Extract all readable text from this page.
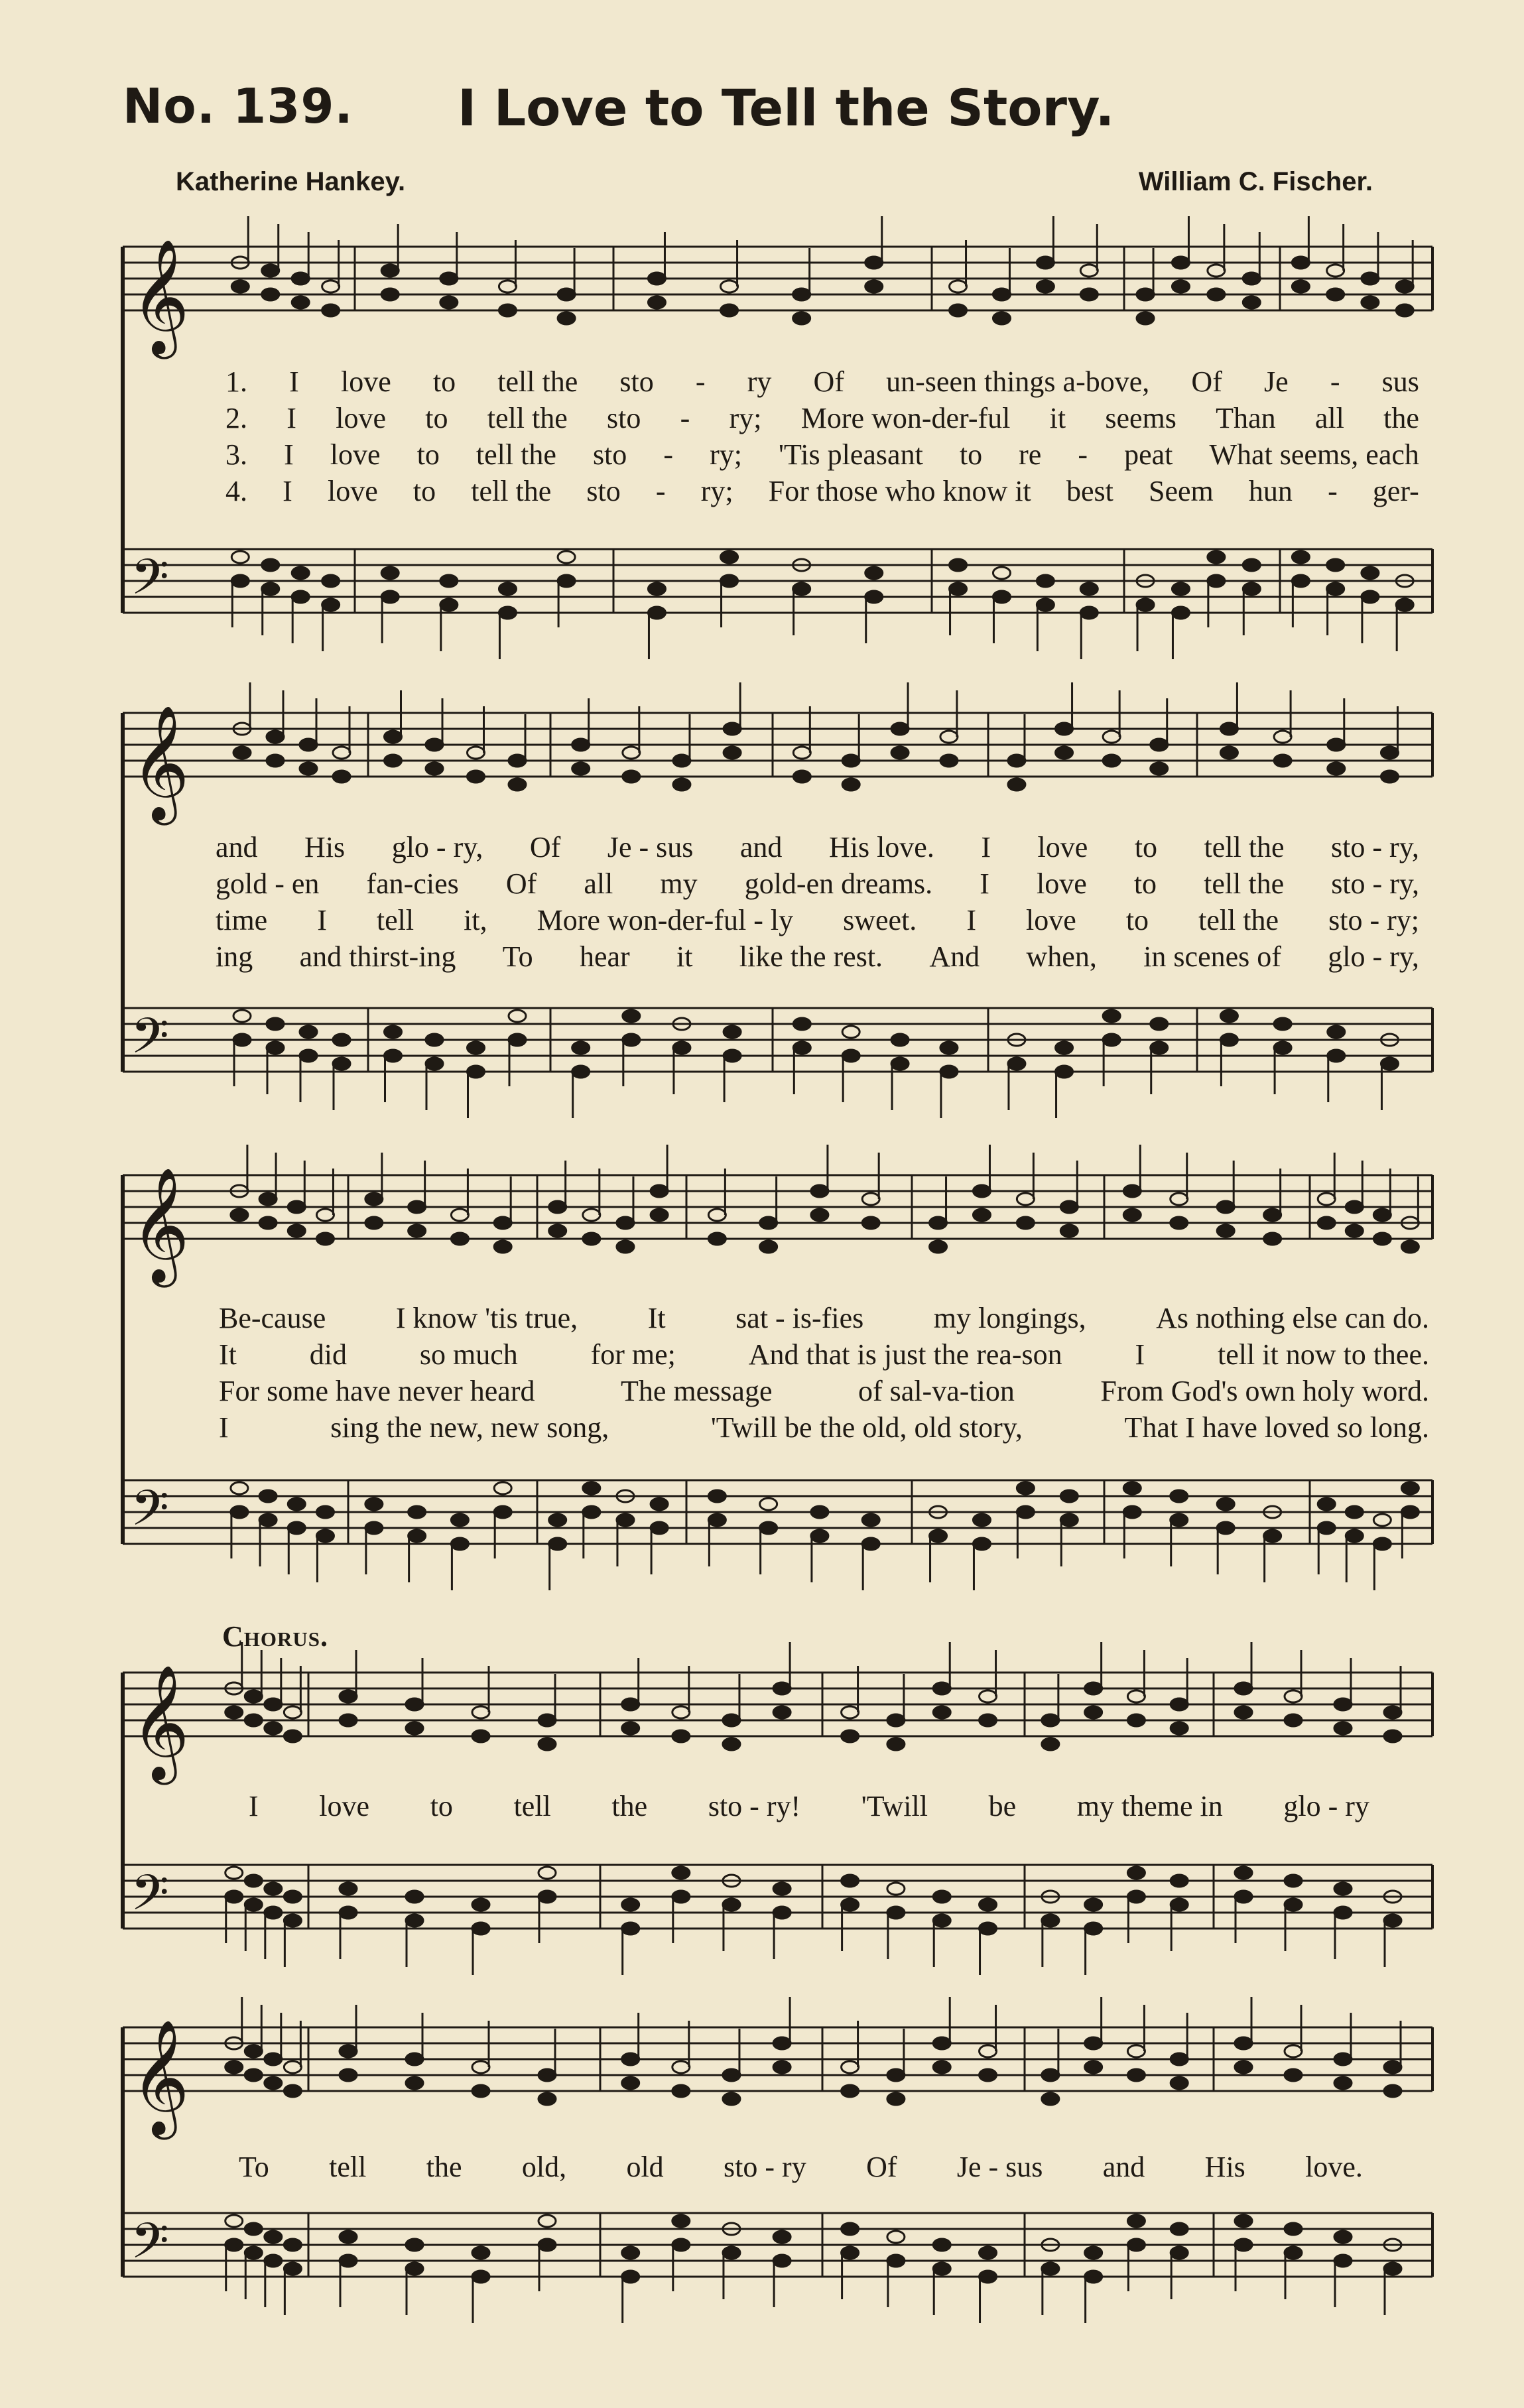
No. 139. I Love to Tell the Story.
Katherine Hankey.	William C. Fischer.
𝄞
𝄢
𝄞
𝄢
𝄞
𝄢
𝄞
𝄢
𝄞
𝄢
Chorus.
1. I love to tell the sto - ry Of un-seen things a-bove, Of Je - sus
2. I love to tell the sto - ry; More won-der-ful it seems Than all the
3. I love to tell the sto - ry; 'Tis pleasant to re - peat What seems, each
4. I love to tell the sto - ry; For those who know it best Seem hun - ger-
and His glo - ry, Of Je - sus and His love. I love to tell the sto - ry,
gold - en fan-cies Of all my gold-en dreams. I love to tell the sto - ry,
time I tell it, More won-der-ful - ly sweet. I love to tell the sto - ry;
ing and thirst-ing To hear it like the rest. And when, in scenes of glo - ry,
Be-cause I know 'tis true, It sat - is-fies my longings, As nothing else can do.
It did so much for me; And that is just the rea-son I tell it now to thee.
For some have never heard	The message	of sal-va-tion	From God's own holy word.
I	sing the new, new song,	'Twill be the old, old story,	That I have loved so long.
I love to tell the sto - ry! 'Twill be my theme in glo - ry
To tell the old, old sto - ry Of Je - sus and His love.
